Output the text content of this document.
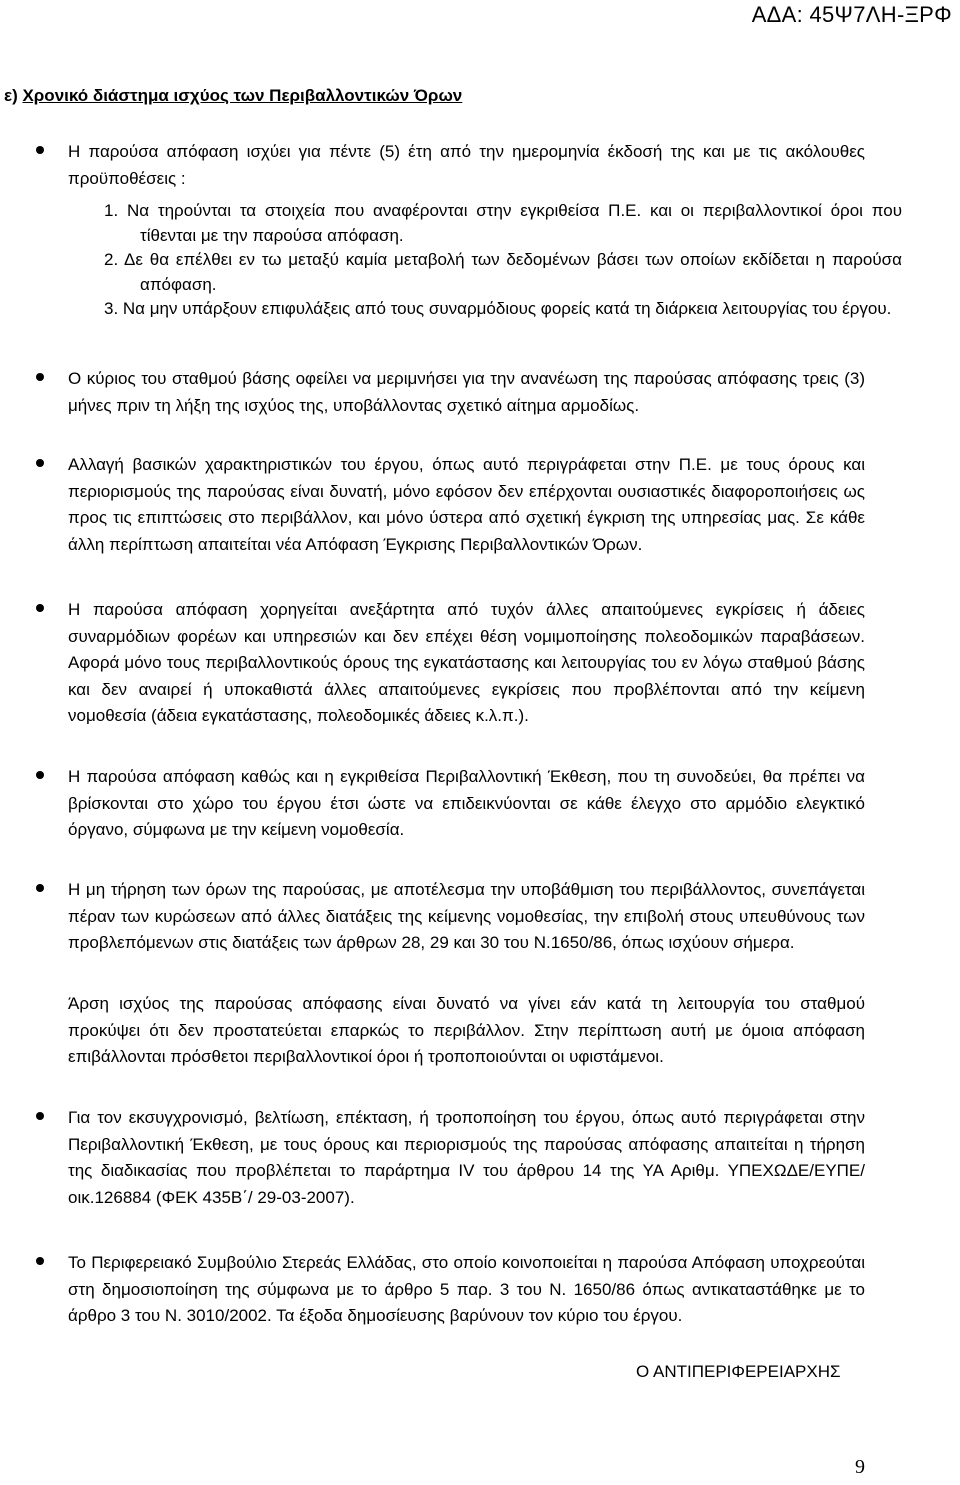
ΑΔΑ: 45Ψ7ΛΗ-ΞΡΦ
ε) Χρονικό διάστημα ισχύος των Περιβαλλοντικών Όρων
Η παρούσα απόφαση ισχύει για πέντε (5) έτη από την ημερομηνία έκδοσή της και με τις ακόλουθες προϋποθέσεις :
1. Να τηρούνται τα στοιχεία που αναφέρονται στην εγκριθείσα Π.Ε. και οι περιβαλλοντικοί όροι που τίθενται με την παρούσα απόφαση.
2. Δε θα επέλθει εν τω μεταξύ καμία μεταβολή των δεδομένων βάσει των οποίων εκδίδεται η παρούσα απόφαση.
3. Να μην υπάρξουν επιφυλάξεις από τους συναρμόδιους φορείς κατά τη διάρκεια λειτουργίας του έργου.
Ο κύριος του σταθμού βάσης οφείλει να μεριμνήσει για την ανανέωση της παρούσας απόφασης τρεις (3) μήνες πριν τη λήξη της ισχύος της, υποβάλλοντας σχετικό αίτημα αρμοδίως.
Αλλαγή βασικών χαρακτηριστικών του έργου, όπως αυτό περιγράφεται στην Π.Ε. με τους όρους και περιορισμούς της παρούσας είναι δυνατή, μόνο εφόσον δεν επέρχονται ουσιαστικές διαφοροποιήσεις ως προς τις επιπτώσεις στο περιβάλλον, και μόνο ύστερα από σχετική έγκριση της υπηρεσίας μας. Σε κάθε άλλη περίπτωση απαιτείται νέα Απόφαση Έγκρισης Περιβαλλοντικών Όρων.
Η παρούσα απόφαση χορηγείται ανεξάρτητα από τυχόν άλλες απαιτούμενες εγκρίσεις ή άδειες συναρμόδιων φορέων και υπηρεσιών και δεν επέχει θέση νομιμοποίησης πολεοδομικών παραβάσεων. Αφορά μόνο τους περιβαλλοντικούς όρους της εγκατάστασης και λειτουργίας του εν λόγω σταθμού βάσης και δεν αναιρεί ή υποκαθιστά άλλες απαιτούμενες εγκρίσεις που προβλέπονται από την κείμενη νομοθεσία (άδεια εγκατάστασης, πολεοδομικές άδειες κ.λ.π.).
Η παρούσα απόφαση καθώς και η εγκριθείσα Περιβαλλοντική Έκθεση, που τη συνοδεύει, θα πρέπει να βρίσκονται στο χώρο του έργου έτσι ώστε να επιδεικνύονται σε κάθε έλεγχο στο αρμόδιο ελεγκτικό όργανο, σύμφωνα με την κείμενη νομοθεσία.
Η μη τήρηση των όρων της παρούσας, με αποτέλεσμα την υποβάθμιση του περιβάλλοντος, συνεπάγεται πέραν των κυρώσεων από άλλες διατάξεις της κείμενης νομοθεσίας, την επιβολή στους υπευθύνους των προβλεπόμενων στις διατάξεις των άρθρων 28, 29 και 30 του Ν.1650/86, όπως ισχύουν σήμερα.
Άρση ισχύος της παρούσας απόφασης είναι δυνατό να γίνει εάν κατά τη λειτουργία του σταθμού προκύψει ότι δεν προστατεύεται επαρκώς το περιβάλλον. Στην περίπτωση αυτή με όμοια απόφαση επιβάλλονται πρόσθετοι περιβαλλοντικοί όροι ή τροποποιούνται οι υφιστάμενοι.
Για τον εκσυγχρονισμό, βελτίωση, επέκταση, ή τροποποίηση του έργου, όπως αυτό περιγράφεται στην Περιβαλλοντική Έκθεση, με τους όρους και περιορισμούς της παρούσας απόφασης απαιτείται η τήρηση της διαδικασίας που προβλέπεται το παράρτημα IV του άρθρου 14 της ΥΑ Αριθμ. ΥΠΕΧΩΔΕ/ΕΥΠΕ/οικ.126884 (ΦΕΚ 435Β΄/ 29-03-2007).
Το Περιφερειακό Συμβούλιο Στερεάς Ελλάδας, στο οποίο κοινοποιείται η παρούσα Απόφαση υποχρεούται στη δημοσιοποίηση της σύμφωνα με το άρθρο 5 παρ. 3 του Ν. 1650/86 όπως αντικαταστάθηκε με το άρθρο 3 του Ν. 3010/2002. Τα έξοδα δημοσίευσης βαρύνουν τον κύριο του έργου.
Ο ΑΝΤΙΠΕΡΙΦΕΡΕΙΑΡΧΗΣ
9
